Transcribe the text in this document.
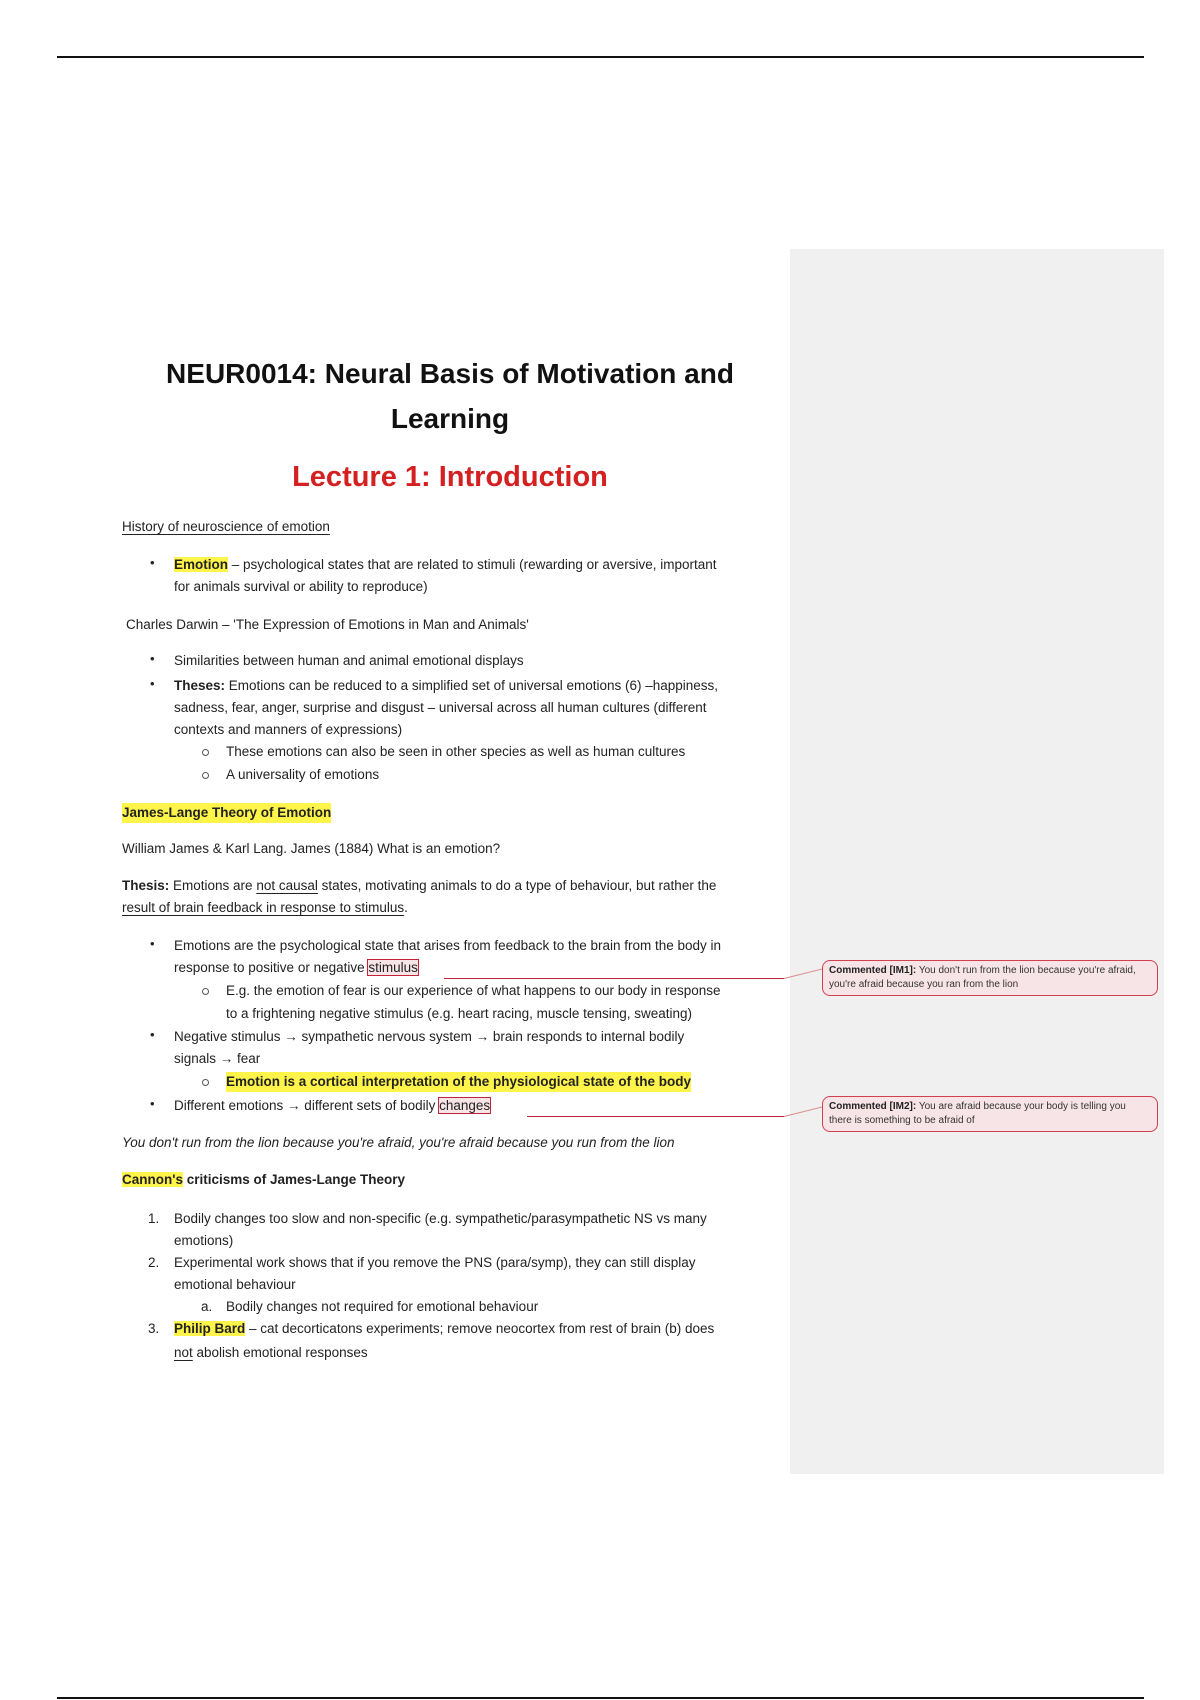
NEUR0014: Neural Basis of Motivation and
Learning
Lecture 1: Introduction
History of neuroscience of emotion
• Emotion – psychological states that are related to stimuli (rewarding or aversive, important
for animals survival or ability to reproduce)
Charles Darwin – 'The Expression of Emotions in Man and Animals'
• Similarities between human and animal emotional displays
• Theses: Emotions can be reduced to a simplified set of universal emotions (6) –happiness,
sadness, fear, anger, surprise and disgust – universal across all human cultures (different
contexts and manners of expressions)
These emotions can also be seen in other species as well as human cultures
A universality of emotions
James-Lange Theory of Emotion
William James & Karl Lang. James (1884) What is an emotion?
Thesis: Emotions are not causal states, motivating animals to do a type of behaviour, but rather the
result of brain feedback in response to stimulus.
• Emotions are the psychological state that arises from feedback to the brain from the body in
response to positive or negative stimulus
E.g. the emotion of fear is our experience of what happens to our body in response
to a frightening negative stimulus (e.g. heart racing, muscle tensing, sweating)
• Negative stimulus → sympathetic nervous system → brain responds to internal bodily
signals → fear
Emotion is a cortical interpretation of the physiological state of the body
• Different emotions → different sets of bodily changes
You don't run from the lion because you're afraid, you're afraid because you run from the lion
Cannon's criticisms of James-Lange Theory
1. Bodily changes too slow and non-specific (e.g. sympathetic/parasympathetic NS vs many
emotions)
2. Experimental work shows that if you remove the PNS (para/symp), they can still display
emotional behaviour
a. Bodily changes not required for emotional behaviour
3. Philip Bard – cat decorticatons experiments; remove neocortex from rest of brain (b) does
not abolish emotional responses
Commented [IM1]: You don't run from the lion because you're afraid, you're afraid because you ran from the lion
Commented [IM2]: You are afraid because your body is telling you there is something to be afraid of
